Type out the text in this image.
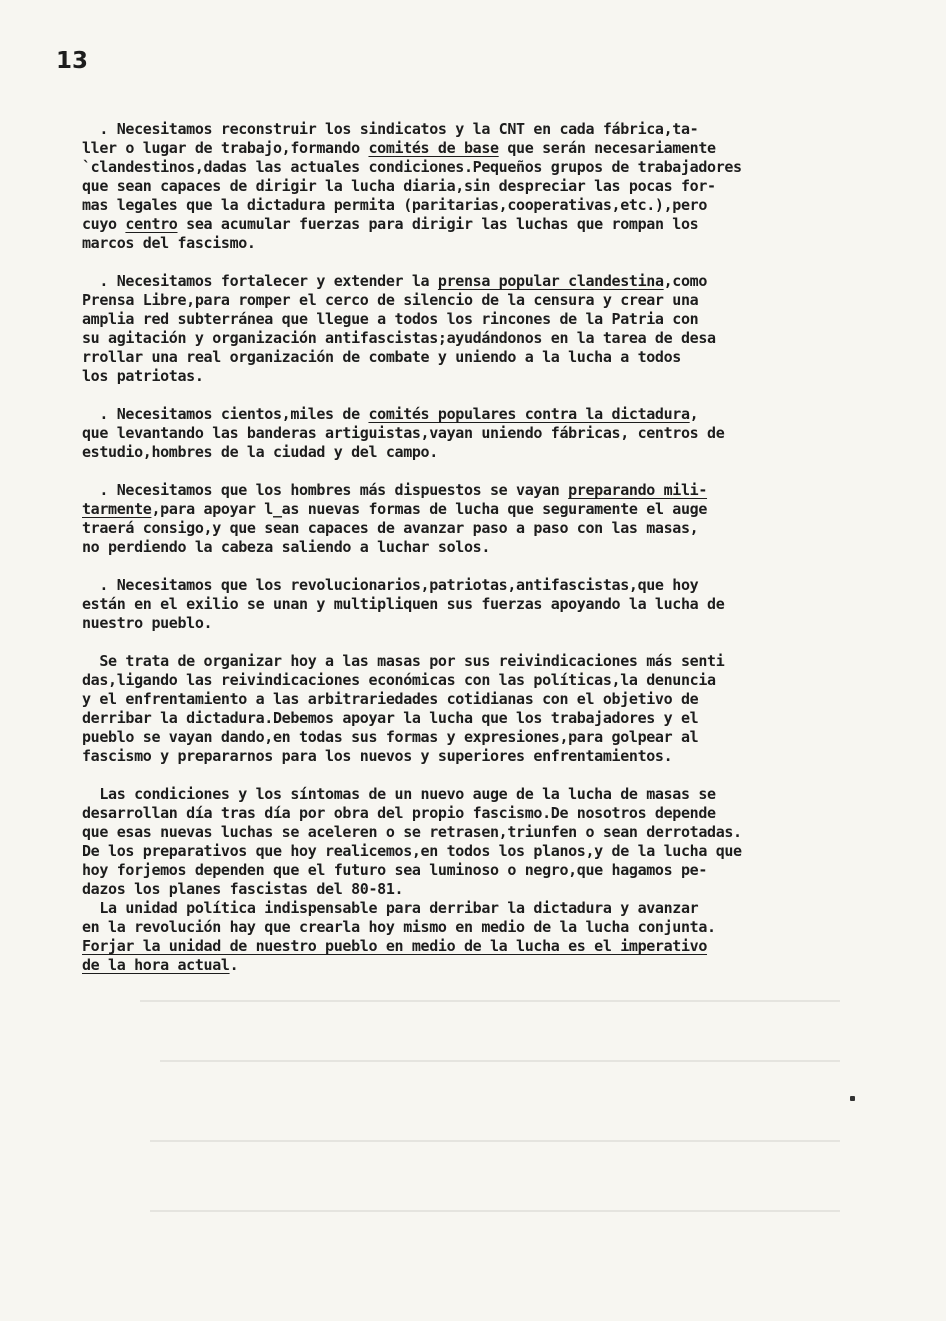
13
. Necesitamos reconstruir los sindicatos y la CNT en cada fábrica,ta-
ller o lugar de trabajo,formando comités de base que serán necesariamente
`clandestinos,dadas las actuales condiciones.Pequeños grupos de trabajadores
que sean capaces de dirigir la lucha diaria,sin despreciar las pocas for-
mas legales que la dictadura permita (paritarias,cooperativas,etc.),pero
cuyo centro sea acumular fuerzas para dirigir las luchas que rompan los
marcos del fascismo.
. Necesitamos fortalecer y extender la prensa popular clandestina,como
Prensa Libre,para romper el cerco de silencio de la censura y crear una
amplia red subterránea que llegue a todos los rincones de la Patria con
su agitación y organización antifascistas;ayudándonos en la tarea de desa
rrollar una real organización de combate y uniendo a la lucha a todos
los patriotas.
. Necesitamos cientos,miles de comités populares contra la dictadura,
que levantando las banderas artiguistas,vayan uniendo fábricas, centros de
estudio,hombres de la ciudad y del campo.
. Necesitamos que los hombres más dispuestos se vayan preparando mili-
tarmente,para apoyar l_as nuevas formas de lucha que seguramente el auge
traerá consigo,y que sean capaces de avanzar paso a paso con las masas,
no perdiendo la cabeza saliendo a luchar solos.
. Necesitamos que los revolucionarios,patriotas,antifascistas,que hoy
están en el exilio se unan y multipliquen sus fuerzas apoyando la lucha de
nuestro pueblo.
Se trata de organizar hoy a las masas por sus reivindicaciones más senti
das,ligando las reivindicaciones económicas con las políticas,la denuncia
y el enfrentamiento a las arbitrariedades cotidianas con el objetivo de
derribar la dictadura.Debemos apoyar la lucha que los trabajadores y el
pueblo se vayan dando,en todas sus formas y expresiones,para golpear al
fascismo y prepararnos para los nuevos y superiores enfrentamientos.
Las condiciones y los síntomas de un nuevo auge de la lucha de masas se
desarrollan día tras día por obra del propio fascismo.De nosotros depende
que esas nuevas luchas se aceleren o se retrasen,triunfen o sean derrotadas.
De los preparativos que hoy realicemos,en todos los planos,y de la lucha que
hoy forjemos dependen que el futuro sea luminoso o negro,que hagamos pe-
dazos los planes fascistas del 80-81.
La unidad política indispensable para derribar la dictadura y avanzar
en la revolución hay que crearla hoy mismo en medio de la lucha conjunta.
Forjar la unidad de nuestro pueblo en medio de la lucha es el imperativo
de la hora actual.
